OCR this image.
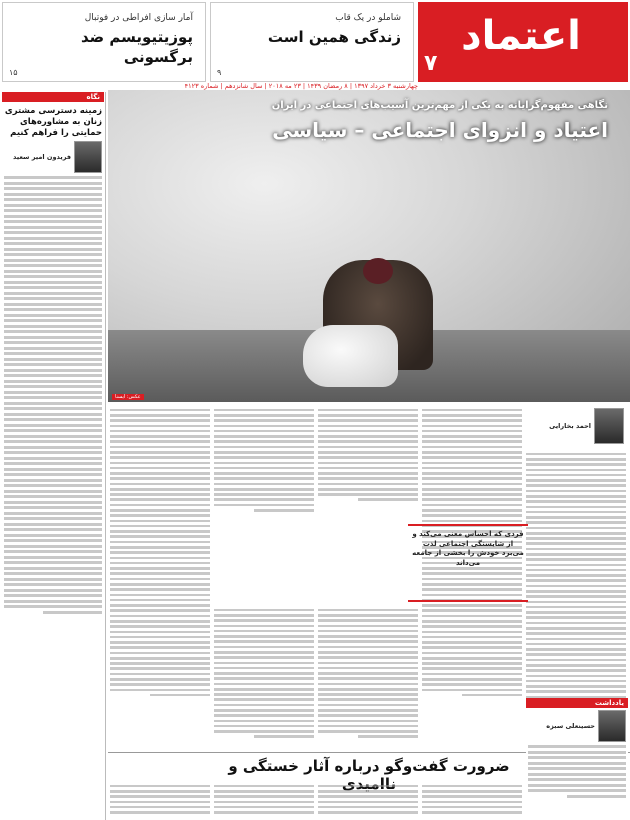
اعتماد
۷
آمار سازی افراطی در فوتبال
پوزیتیویسم ضد برگسونی
۱۵
شاملو در یک قاب
زندگی همین است
۹
چهارشنبه ۳ خرداد ۱۳۹۷ | ۸ رمضان ۱۴۳۹ | ۲۳ مه ۲۰۱۸ | سال شانزدهم | شماره ۴۱۲۳
نگاه
زمینه دسترسی مشتری زنان به مشاوره‌های حمایتی را فراهم کنیم
فریدون امیر سعید
نگاهی مفهوم‌گرایانه به یکی از مهم‌ترین آسیب‌های اجتماعی در ایران
اعتیاد و انزوای اجتماعی – سیاسی
عکس: ایسنا
احمد بخارایی
فردی که احساس معنی می‌کند و از شایستگی اجتماعی لذت می‌برد خودش را بخشی از جامعه می‌داند
ضرورت گفت‌و‌گو درباره آثار خستگی و
یادداشت
حسینعلی سبزه
